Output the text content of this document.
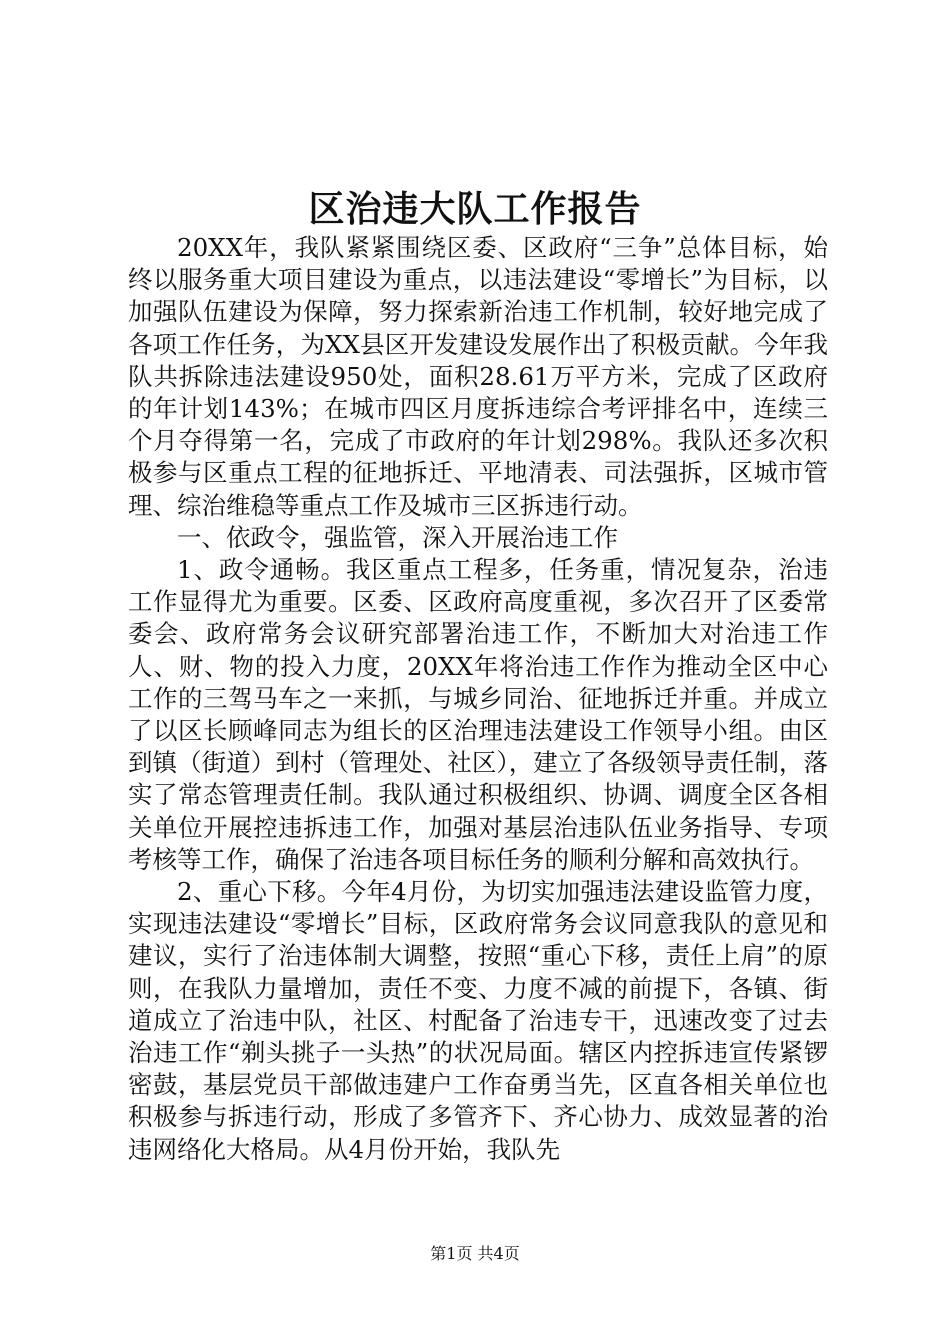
区治违大队工作报告

20XX年，我队紧紧围绕区委、区政府“三争”总体目标，始终以服务重大项目建设为重点，以违法建设“零增长”为目标，以加强队伍建设为保障，努力探索新治违工作机制，较好地完成了各项工作任务，为XX县区开发建设发展作出了积极贡献。今年我队共拆除违法建设950处，面积28.61万平方米，完成了区政府的年计划143%；在城市四区月度拆违综合考评排名中，连续三个月夺得第一名，完成了市政府的年计划298%。我队还多次积极参与区重点工程的征地拆迁、平地清表、司法强拆，区城市管理、综治维稳等重点工作及城市三区拆违行动。

一、依政令，强监管，深入开展治违工作

1、政令通畅。我区重点工程多，任务重，情况复杂，治违工作显得尤为重要。区委、区政府高度重视，多次召开了区委常委会、政府常务会议研究部署治违工作，不断加大对治违工作人、财、物的投入力度，20XX年将治违工作作为推动全区中心工作的三驾马车之一来抓，与城乡同治、征地拆迁并重。并成立了以区长顾峰同志为组长的区治理违法建设工作领导小组。由区到镇（街道）到村（管理处、社区），建立了各级领导责任制，落实了常态管理责任制。我队通过积极组织、协调、调度全区各相关单位开展控违拆违工作，加强对基层治违队伍业务指导、专项考核等工作，确保了治违各项目标任务的顺利分解和高效执行。

2、重心下移。今年4月份，为切实加强违法建设监管力度，实现违法建设“零增长”目标，区政府常务会议同意我队的意见和建议，实行了治违体制大调整，按照“重心下移，责任上肩”的原则，在我队力量增加，责任不变、力度不减的前提下，各镇、街道成立了治违中队，社区、村配备了治违专干，迅速改变了过去治违工作“剃头挑子一头热”的状况局面。辖区内控拆违宣传紧锣密鼓，基层党员干部做违建户工作奋勇当先，区直各相关单位也积极参与拆违行动，形成了多管齐下、齐心协力、成效显著的治违网络化大格局。从4月份开始，我队先

第1页 共4页
